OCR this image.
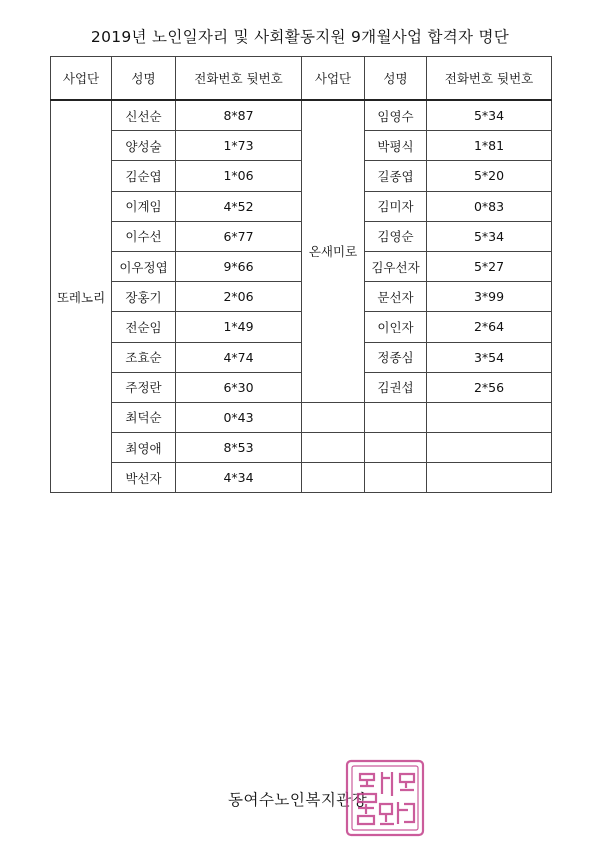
2019년 노인일자리 및 사회활동지원 9개월사업 합격자 명단
사업단	성명	전화번호 뒷번호	사업단	성명	전화번호 뒷번호
또레노리	신선순	8*87	온새미로	임영수	5*34
	양성술	1*73		박평식	1*81
	김순엽	1*06		길종엽	5*20
	이계임	4*52		김미자	0*83
	이수선	6*77		김영순	5*34
	이우정엽	9*66		김우선자	5*27
	장홍기	2*06		문선자	3*99
	전순임	1*49		이인자	2*64
	조효순	4*74		정종심	3*54
	주정란	6*30		김권섭	2*56
	최덕순	0*43			
	최영애	8*53			
	박선자	4*34			
동여수노인복지관장
